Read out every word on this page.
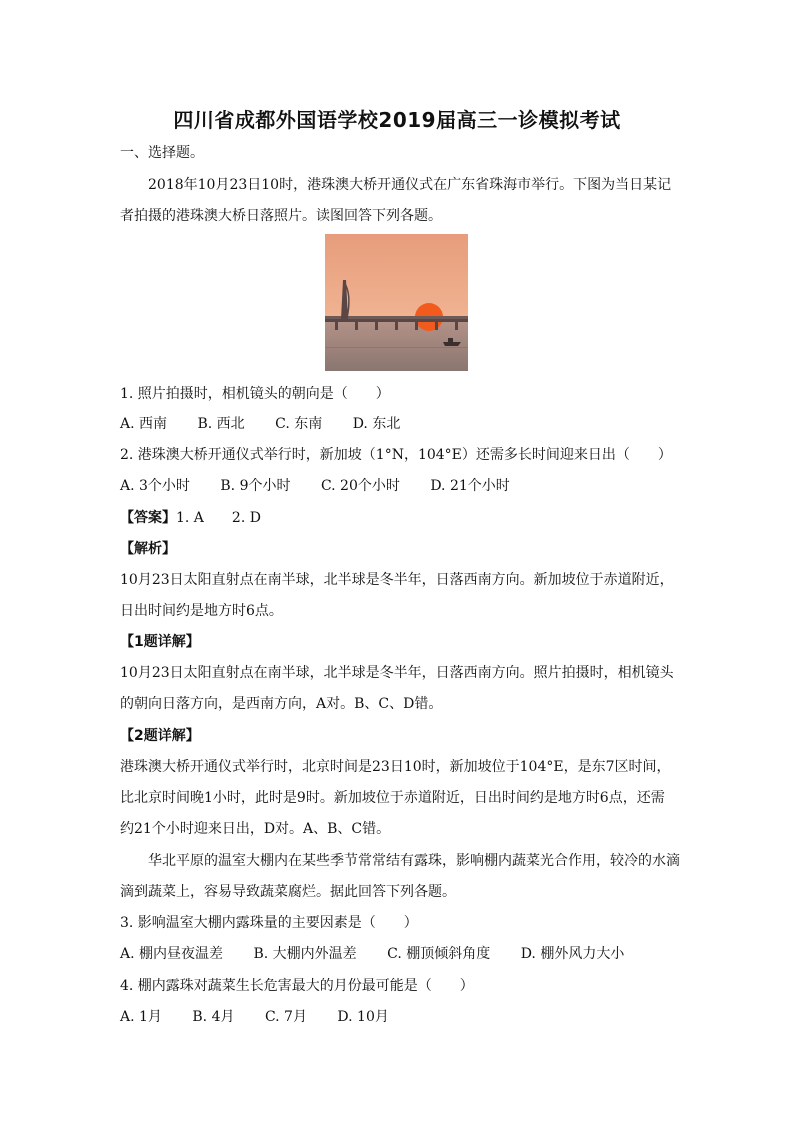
四川省成都外国语学校2019届高三一诊模拟考试
一、选择题。
2018年10月23日10时，港珠澳大桥开通仪式在广东省珠海市举行。下图为当日某记
者拍摄的港珠澳大桥日落照片。读图回答下列各题。
1. 照片拍摄时，相机镜头的朝向是（　　）
A. 西南 B. 西北 C. 东南 D. 东北
2. 港珠澳大桥开通仪式举行时，新加坡（1°N，104°E）还需多长时间迎来日出（　　）
A. 3个小时 B. 9个小时 C. 20个小时 D. 21个小时
【答案】1. A　　2. D
【解析】
10月23日太阳直射点在南半球，北半球是冬半年，日落西南方向。新加坡位于赤道附近，
日出时间约是地方时6点。
【1题详解】
10月23日太阳直射点在南半球，北半球是冬半年，日落西南方向。照片拍摄时，相机镜头
的朝向日落方向，是西南方向，A对。B、C、D错。
【2题详解】
港珠澳大桥开通仪式举行时，北京时间是23日10时，新加坡位于104°E，是东7区时间，
比北京时间晚1小时，此时是9时。新加坡位于赤道附近，日出时间约是地方时6点，还需
约21个小时迎来日出，D对。A、B、C错。
华北平原的温室大棚内在某些季节常常结有露珠，影响棚内蔬菜光合作用，较冷的水滴
滴到蔬菜上，容易导致蔬菜腐烂。据此回答下列各题。
3. 影响温室大棚内露珠量的主要因素是（　　）
A. 棚内昼夜温差 B. 大棚内外温差 C. 棚顶倾斜角度 D. 棚外风力大小
4. 棚内露珠对蔬菜生长危害最大的月份最可能是（　　）
A. 1月 B. 4月 C. 7月 D. 10月
